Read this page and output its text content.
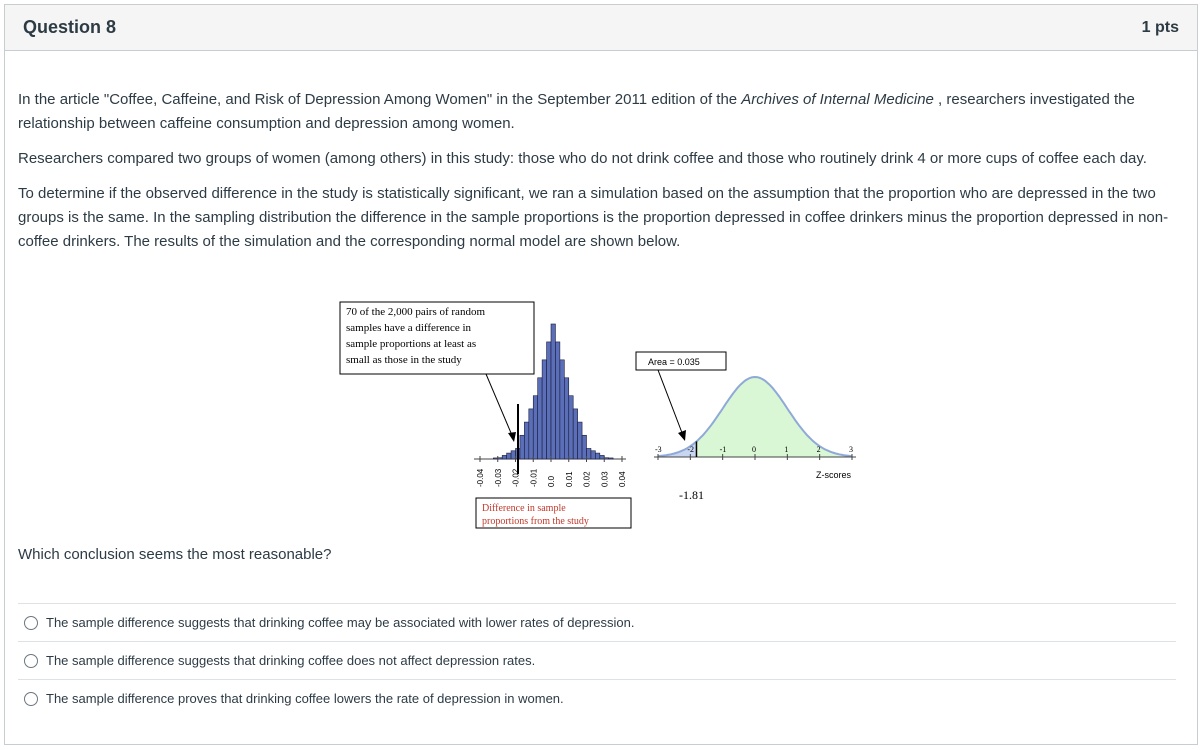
Question 8	1 pts

In the article "Coffee, Caffeine, and Risk of Depression Among Women" in the September 2011 edition of the Archives of Internal Medicine , researchers investigated the relationship between caffeine consumption and depression among women.

Researchers compared two groups of women (among others) in this study: those who do not drink coffee and those who routinely drink 4 or more cups of coffee each day.

To determine if the observed difference in the study is statistically significant, we ran a simulation based on the assumption that the proportion who are depressed in the two groups is the same. In the sampling distribution the difference in the sample proportions is the proportion depressed in coffee drinkers minus the proportion depressed in non-coffee drinkers. The results of the simulation and the corresponding normal model are shown below.

-0.04 -0.03 -0.02 -0.01 0.0 0.01 0.02 0.03 0.04
70 of the 2,000 pairs of random
samples have a difference in
sample proportions at least as
small as those in the study
Difference in sample
proportions from the study
-3	-2	-1	0	1	2	3
Z-scores
-1.81
Area = 0.035
Which conclusion seems the most reasonable?
The sample difference suggests that drinking coffee may be associated with lower rates of depression.
The sample difference suggests that drinking coffee does not affect depression rates.
The sample difference proves that drinking coffee lowers the rate of depression in women.
